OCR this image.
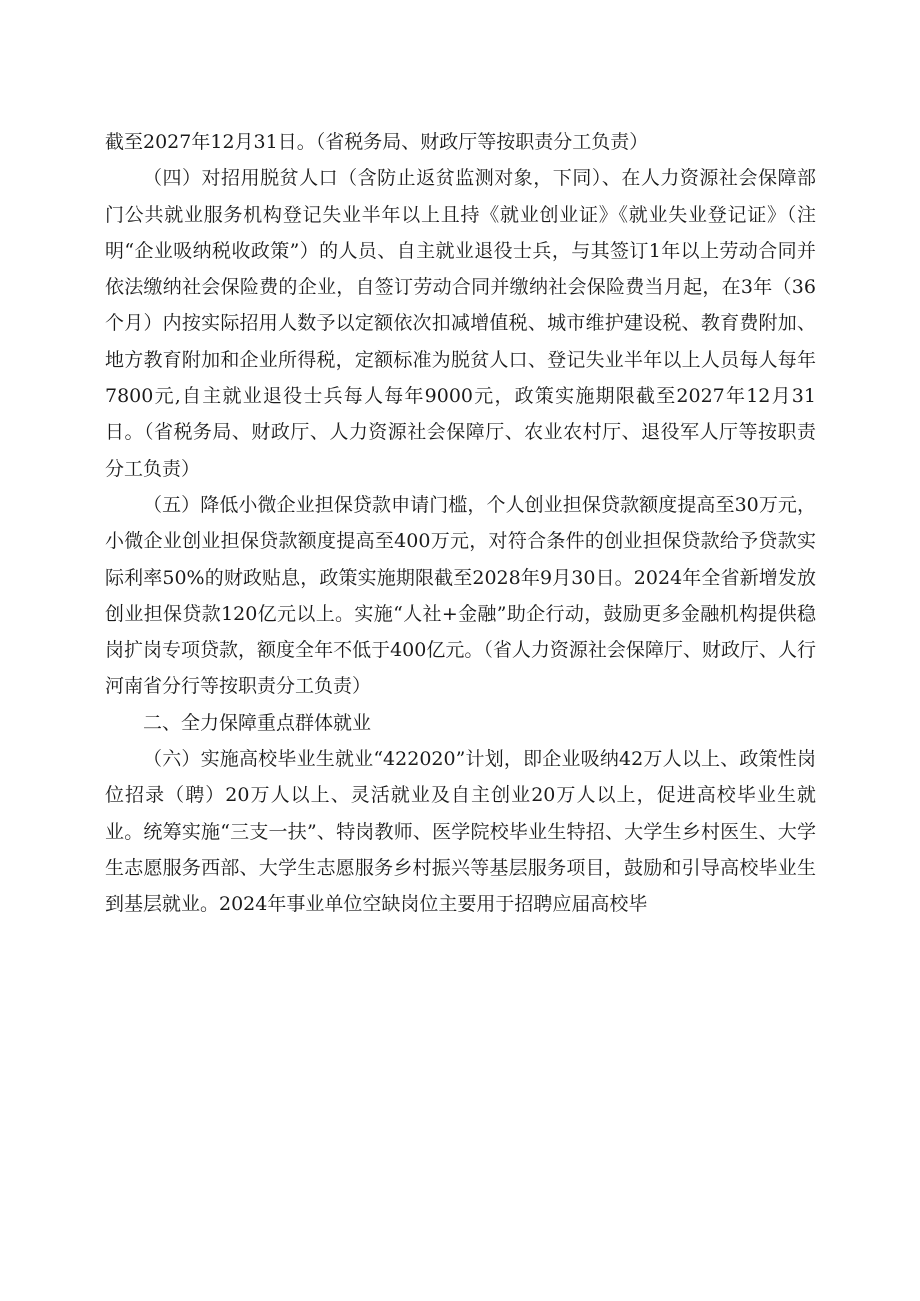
截至2027年12月31日。（省税务局、财政厅等按职责分工负责）

（四）对招用脱贫人口（含防止返贫监测对象，下同）、在人力资源社会保障部门公共就业服务机构登记失业半年以上且持《就业创业证》《就业失业登记证》（注明“企业吸纳税收政策”）的人员、自主就业退役士兵，与其签订1年以上劳动合同并依法缴纳社会保险费的企业，自签订劳动合同并缴纳社会保险费当月起，在3年（36个月）内按实际招用人数予以定额依次扣减增值税、城市维护建设税、教育费附加、地方教育附加和企业所得税，定额标准为脱贫人口、登记失业半年以上人员每人每年7800元,自主就业退役士兵每人每年9000元，政策实施期限截至2027年12月31日。（省税务局、财政厅、人力资源社会保障厅、农业农村厅、退役军人厅等按职责分工负责）

（五）降低小微企业担保贷款申请门槛，个人创业担保贷款额度提高至30万元，小微企业创业担保贷款额度提高至400万元，对符合条件的创业担保贷款给予贷款实际利率50%的财政贴息，政策实施期限截至2028年9月30日。2024年全省新增发放创业担保贷款120亿元以上。实施“人社+金融”助企行动，鼓励更多金融机构提供稳岗扩岗专项贷款，额度全年不低于400亿元。（省人力资源社会保障厅、财政厅、人行河南省分行等按职责分工负责）

二、全力保障重点群体就业

（六）实施高校毕业生就业“422020”计划，即企业吸纳42万人以上、政策性岗位招录（聘）20万人以上、灵活就业及自主创业20万人以上，促进高校毕业生就业。统筹实施“三支一扶”、特岗教师、医学院校毕业生特招、大学生乡村医生、大学生志愿服务西部、大学生志愿服务乡村振兴等基层服务项目，鼓励和引导高校毕业生到基层就业。2024年事业单位空缺岗位主要用于招聘应届高校毕
